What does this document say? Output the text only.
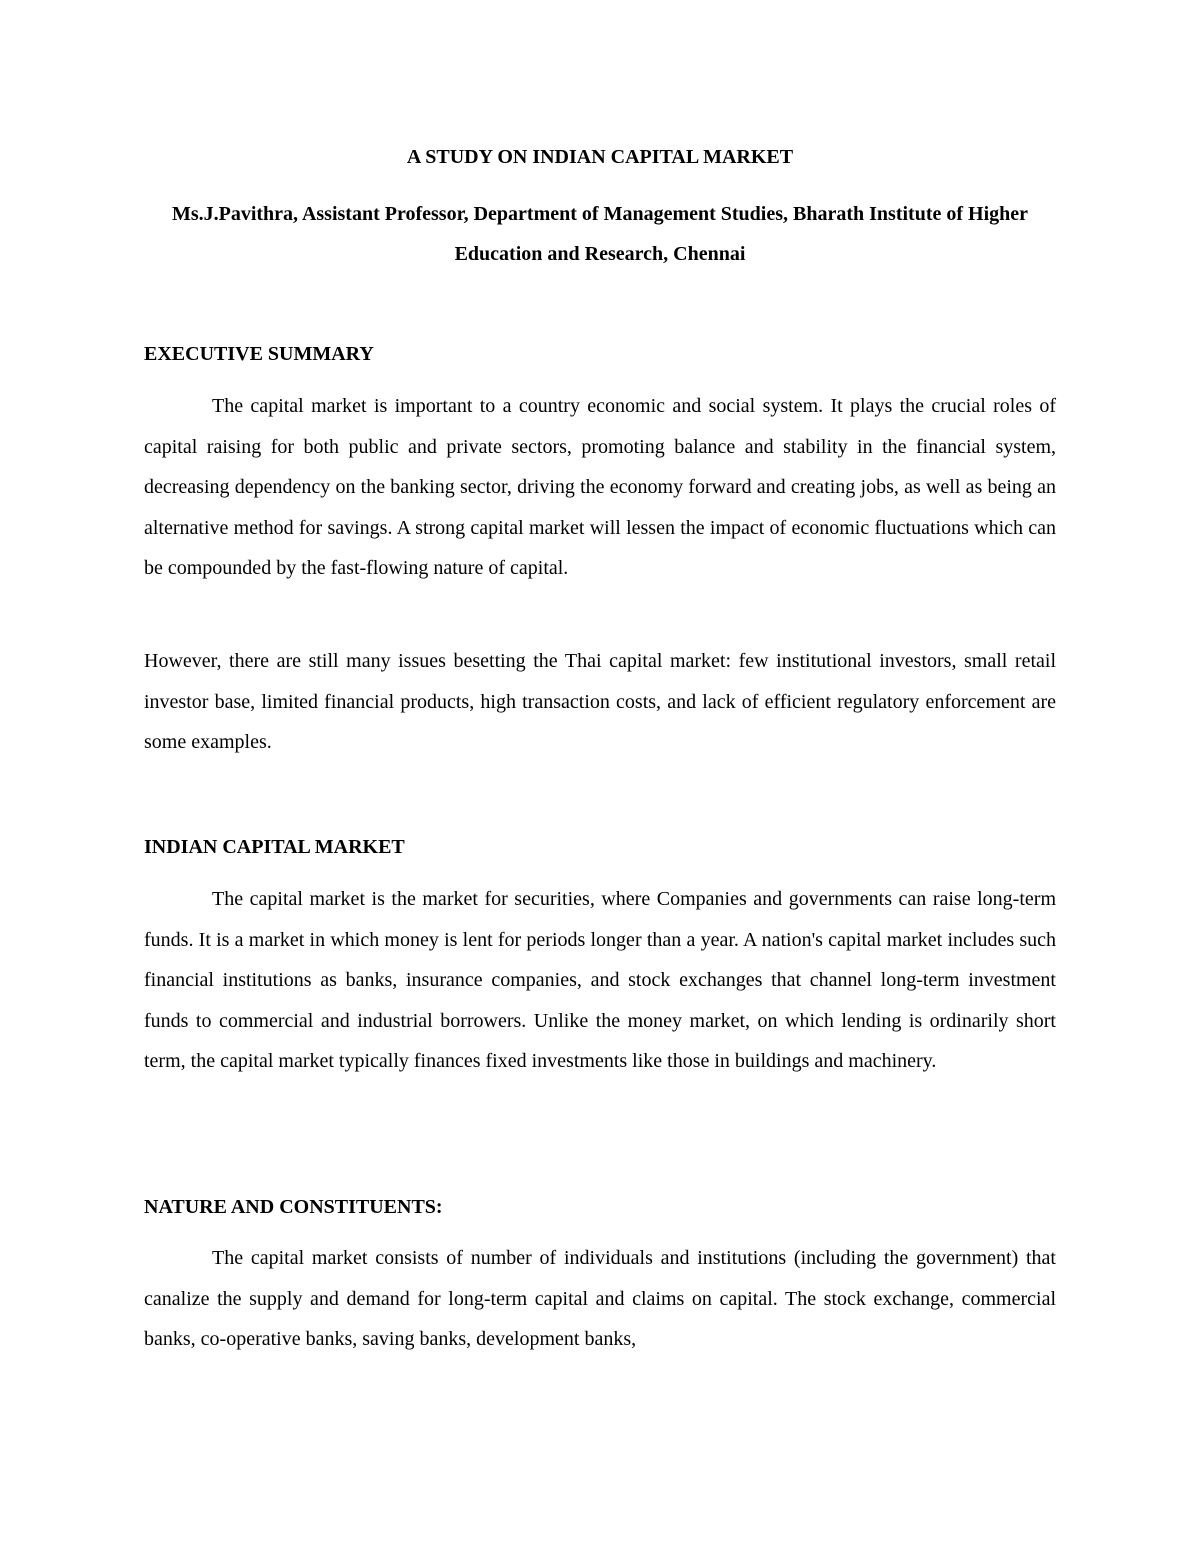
A STUDY ON INDIAN CAPITAL MARKET
Ms.J.Pavithra, Assistant Professor, Department of Management Studies, Bharath Institute of Higher Education and Research, Chennai
EXECUTIVE SUMMARY

The capital market is important to a country economic and social system. It plays the crucial roles of capital raising for both public and private sectors, promoting balance and stability in the financial system, decreasing dependency on the banking sector, driving the economy forward and creating jobs, as well as being an alternative method for savings. A strong capital market will lessen the impact of economic fluctuations which can be compounded by the fast-flowing nature of capital.

However, there are still many issues besetting the Thai capital market: few institutional investors, small retail investor base, limited financial products, high transaction costs, and lack of efficient regulatory enforcement are some examples.

INDIAN CAPITAL MARKET

The capital market is the market for securities, where Companies and governments can raise long-term funds. It is a market in which money is lent for periods longer than a year. A nation's capital market includes such financial institutions as banks, insurance companies, and stock exchanges that channel long-term investment funds to commercial and industrial borrowers. Unlike the money market, on which lending is ordinarily short term, the capital market typically finances fixed investments like those in buildings and machinery.

NATURE AND CONSTITUENTS:

The capital market consists of number of individuals and institutions (including the government) that canalize the supply and demand for long-term capital and claims on capital. The stock exchange, commercial banks, co-operative banks, saving banks, development banks,
